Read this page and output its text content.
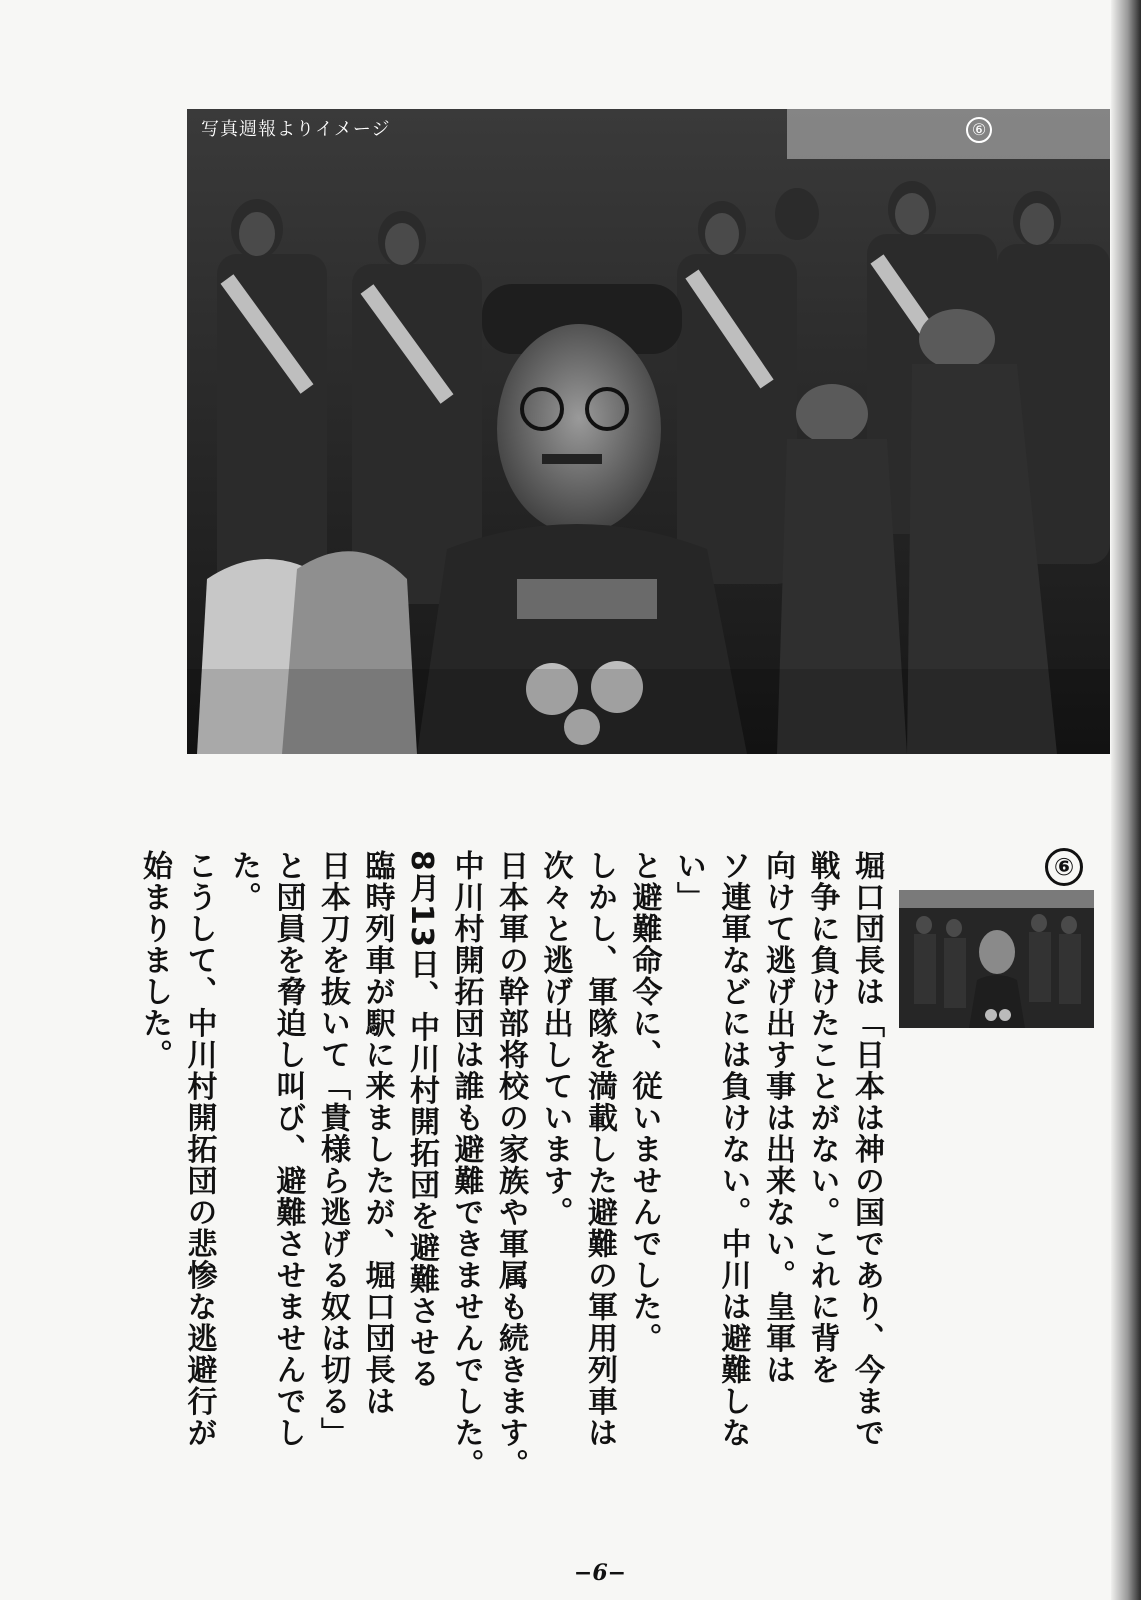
写真週報よりイメージ	⑥
⑥

堀口団長は「日本は神の国であり、今まで

戦争に負けたことがない。これに背を

向けて逃げ出す事は出来ない。皇軍は

ソ連軍などには負けない。中川は避難しない」

と避難命令に、従いませんでした。

しかし、軍隊を満載した避難の軍用列車は

次々と逃げ出しています。

日本軍の幹部将校の家族や軍属も続きます。

中川村開拓団は誰も避難できませんでした。

8月13日、中川村開拓団を避難させる

臨時列車が駅に来ましたが、堀口団長は

日本刀を抜いて「貴様ら逃げる奴は切る」

と団員を脅迫し叫び、避難させませんでした。

こうして、中川村開拓団の悲惨な逃避行が

始まりました。

−6−
